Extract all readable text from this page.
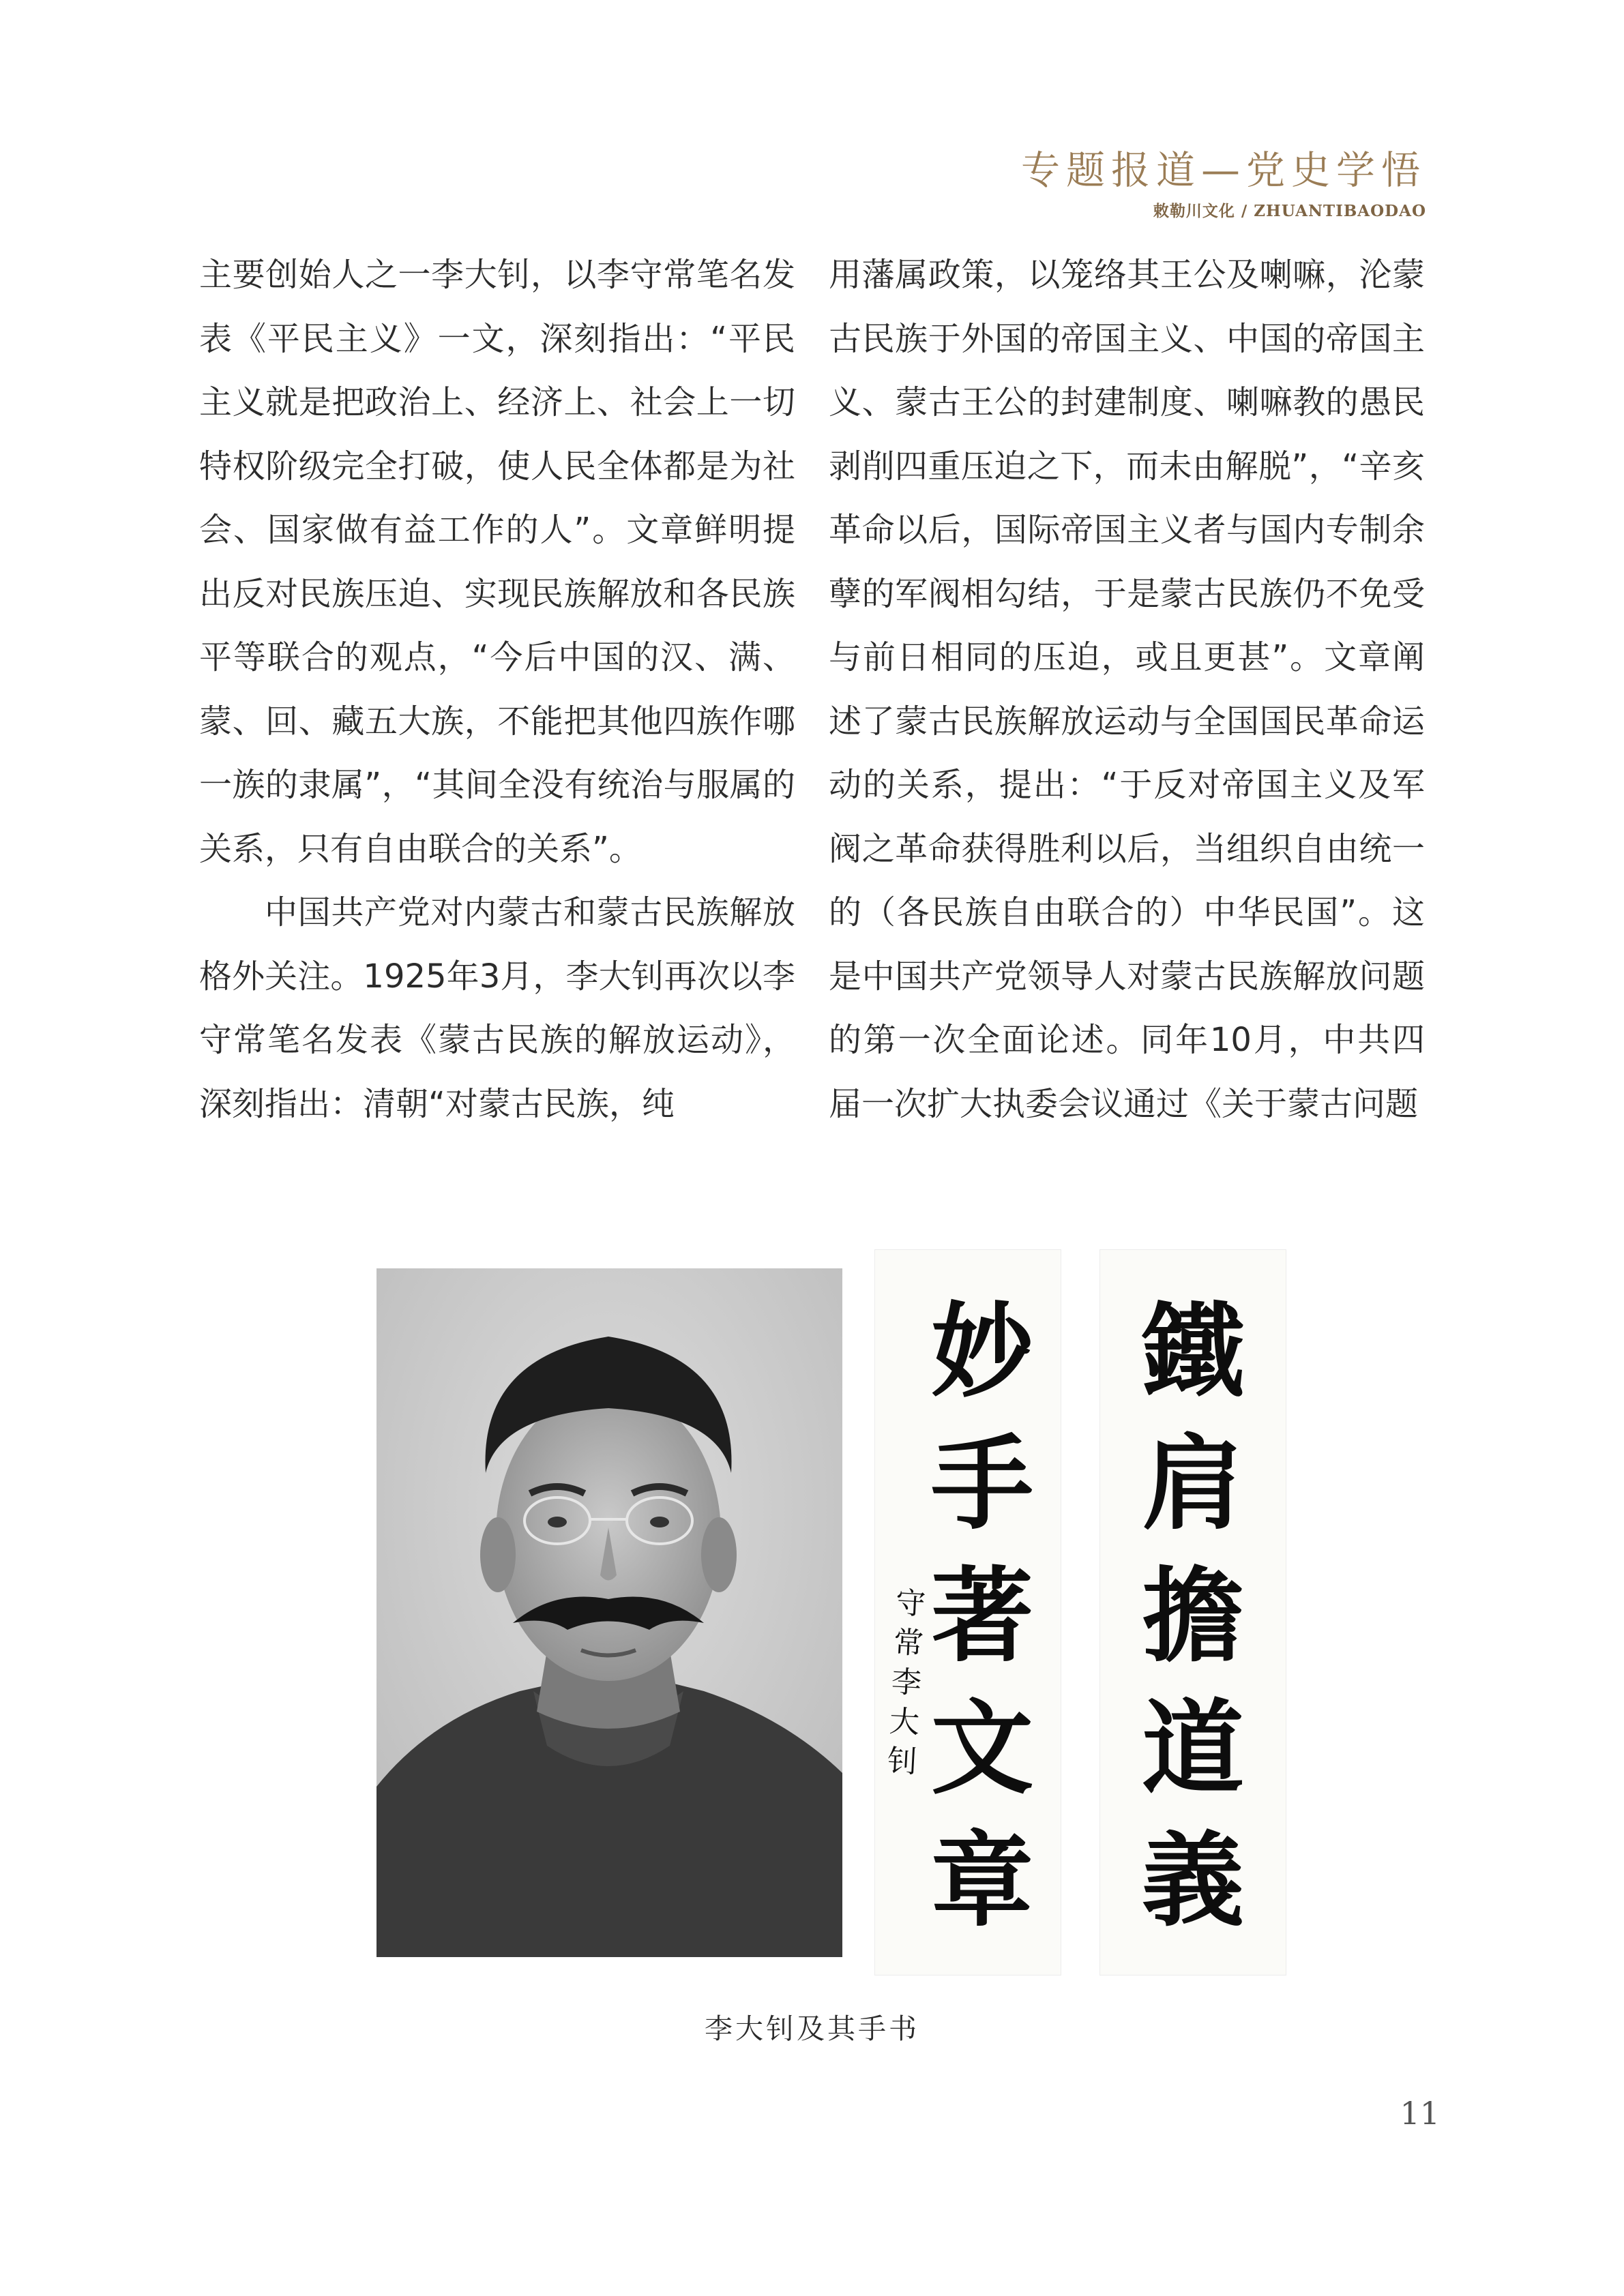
专题报道—党史学悟
敕勒川文化 ∕ ZHUANTIBAODAO

主要创始人之一李大钊，以李守常笔名发表《平民主义》一文，深刻指出：“平民主义就是把政治上、经济上、社会上一切特权阶级完全打破，使人民全体都是为社会、国家做有益工作的人”。文章鲜明提出反对民族压迫、实现民族解放和各民族平等联合的观点，“今后中国的汉、满、蒙、回、藏五大族，不能把其他四族作哪一族的隶属”，“其间全没有统治与服属的关系，只有自由联合的关系”。

中国共产党对内蒙古和蒙古民族解放格外关注。1925年3月，李大钊再次以李守常笔名发表《蒙古民族的解放运动》，深刻指出：清朝“对蒙古民族，纯

用藩属政策，以笼络其王公及喇嘛，沦蒙古民族于外国的帝国主义、中国的帝国主义、蒙古王公的封建制度、喇嘛教的愚民剥削四重压迫之下，而未由解脱”，“辛亥革命以后，国际帝国主义者与国内专制余孽的军阀相勾结，于是蒙古民族仍不免受与前日相同的压迫，或且更甚”。文章阐述了蒙古民族解放运动与全国国民革命运动的关系，提出：“于反对帝国主义及军阀之革命获得胜利以后，当组织自由统一的（各民族自由联合的）中华民国”。这是中国共产党领导人对蒙古民族解放问题的第一次全面论述。同年10月，中共四届一次扩大执委会议通过《关于蒙古问题

妙
手
著
文
章
守
常
李
大
钊
鐵
肩
擔
道
義
李大钊及其手书
11
